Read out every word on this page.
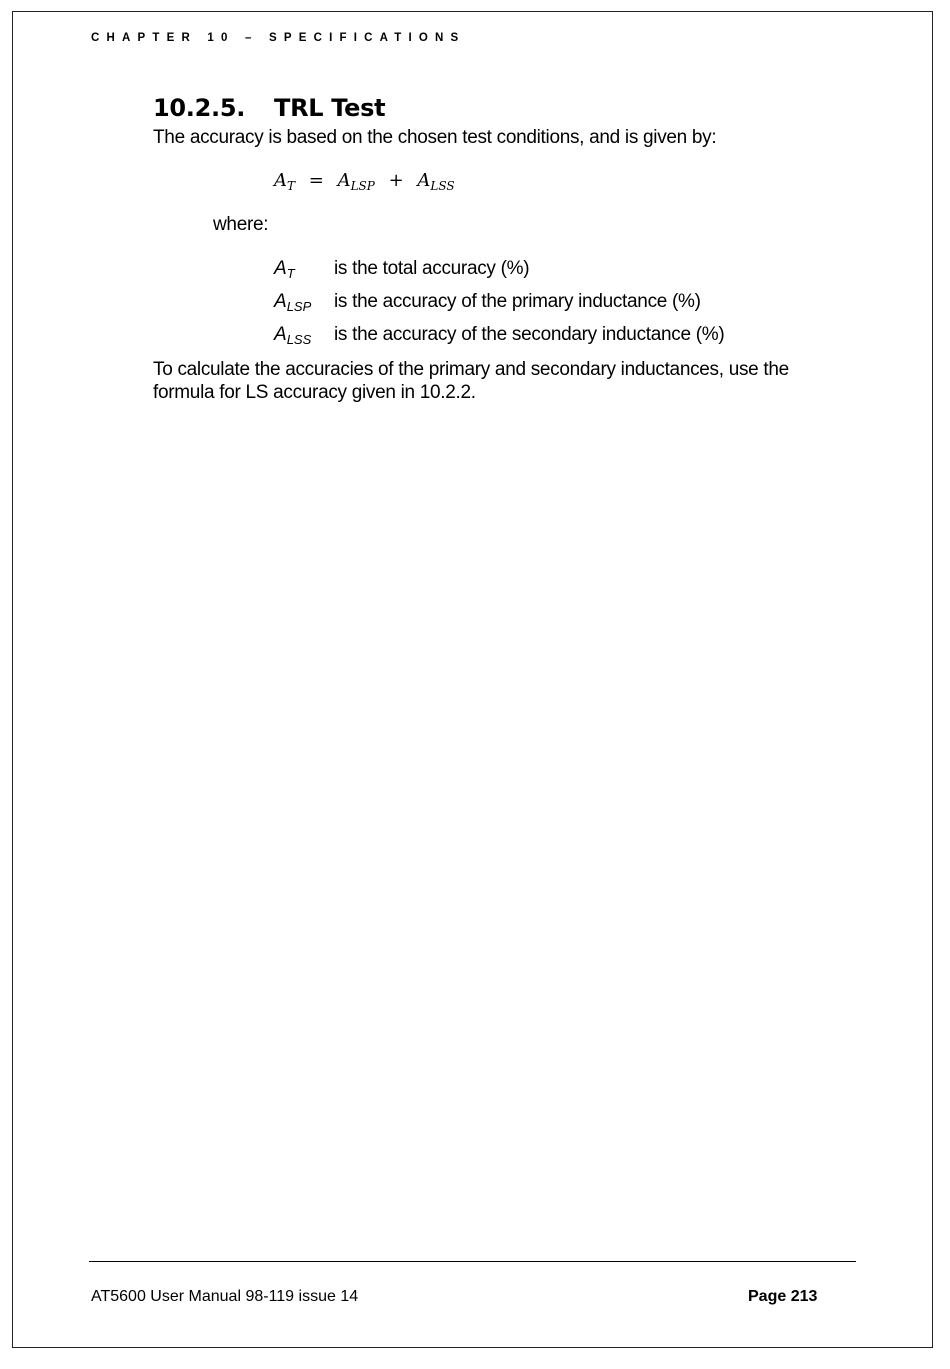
CHAPTER 10 – SPECIFICATIONS
10.2.5. TRL Test
The accuracy is based on the chosen test conditions, and is given by:
$A_T = A_{LSP} + A_{LSS}$
where:
$A_T$ is the total accuracy (%)
$A_{LSP}$ is the accuracy of the primary inductance (%)
$A_{LSS}$ is the accuracy of the secondary inductance (%)
To calculate the accuracies of the primary and secondary inductances, use the formula for LS accuracy given in 10.2.2.
AT5600 User Manual 98-119 issue 14	Page 213
